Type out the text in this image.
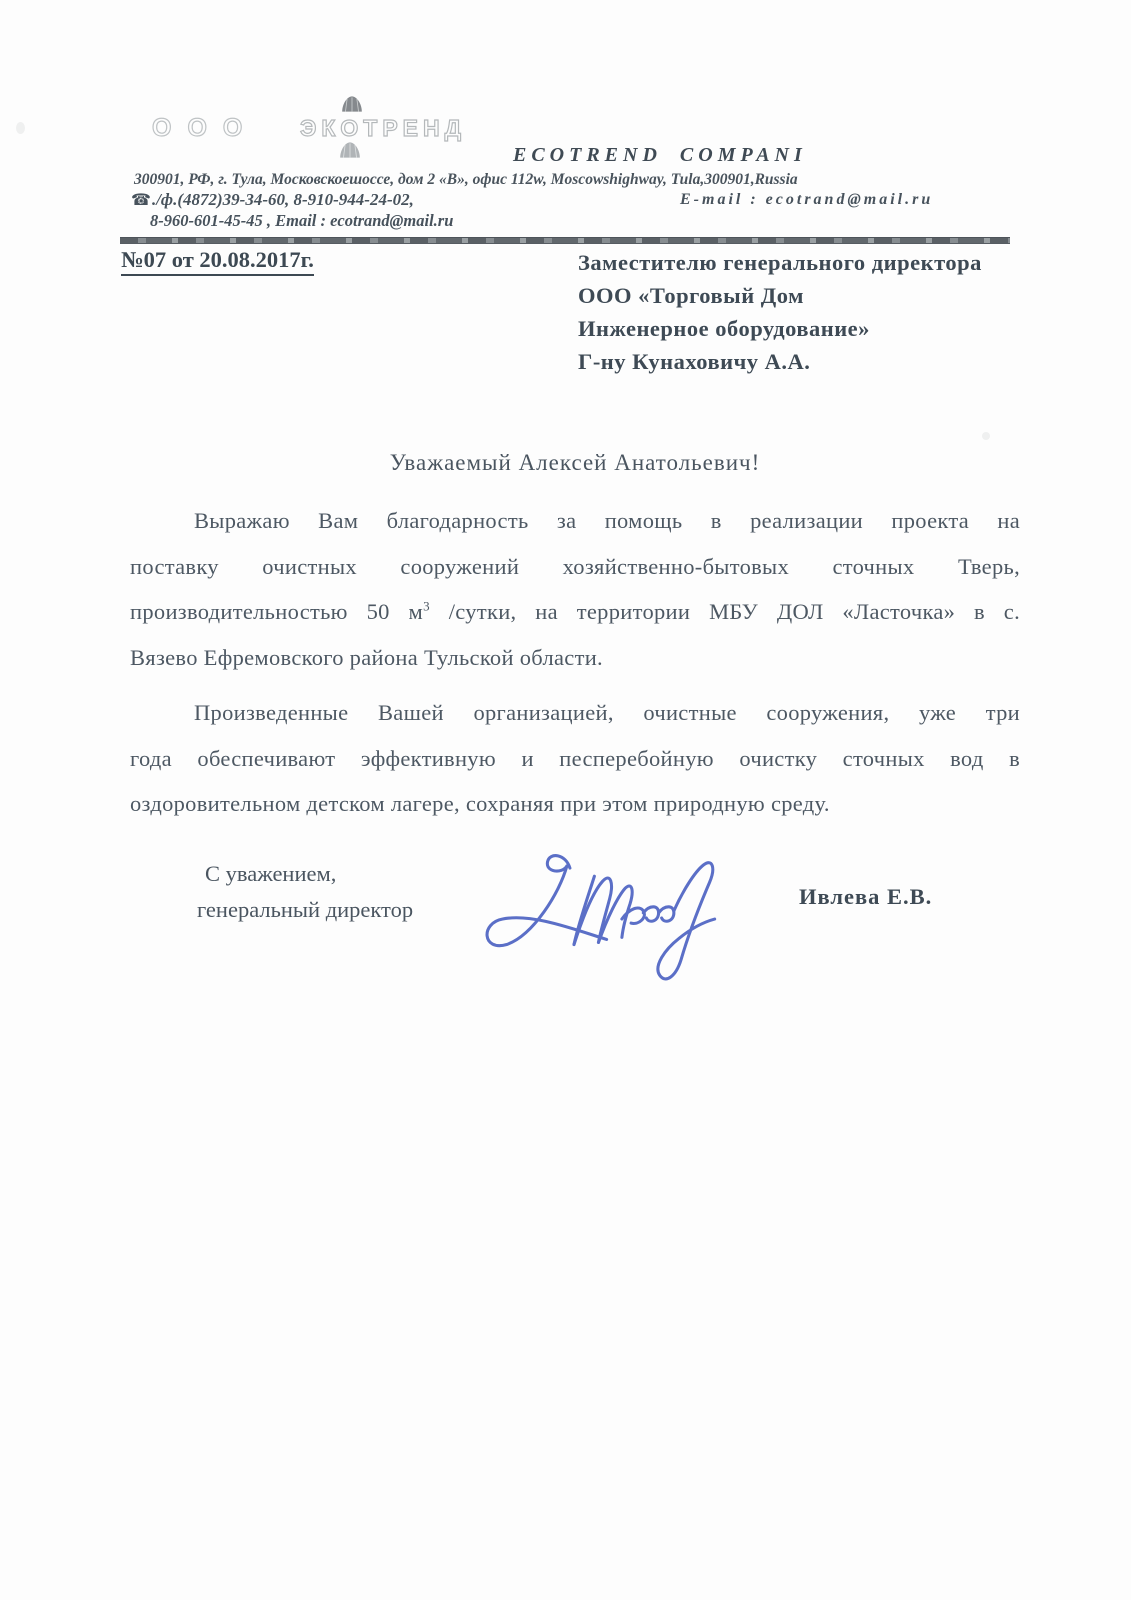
ООО ЭКОТРЕНД
ECOTREND COMPANI
300901, РФ, г. Тула, Московскоешоссе, дом 2 «В», офис 112w, Moscowshighway, Tula,300901,Russia
☎./ф.(4872)39-34-60, 8-910-944-24-02,	E-mail : ecotrand@mail.ru
8-960-601-45-45 , Email : ecotrand@mail.ru
№07 от 20.08.2017г.	Заместителю генерального директора
ООО «Торговый Дом
Инженерное оборудование»
Г-ну Кунаховичу А.А.
Уважаемый Алексей Анатольевич!
Выражаю Вам благодарность за помощь в реализации проекта на
поставку очистных сооружений хозяйственно-бытовых сточных Тверь,
производительностью 50 $м^3$ /сутки, на территории МБУ ДОЛ «Ласточка» в с.
Вязево Ефремовского района Тульской области.
Произведенные Вашей организацией, очистные сооружения, уже три
года обеспечивают эффективную и песперебойную очистку сточных вод в
оздоровительном детском лагере, сохраняя при этом природную среду.
С уважением,
генеральный директор
Ивлева Е.В.
